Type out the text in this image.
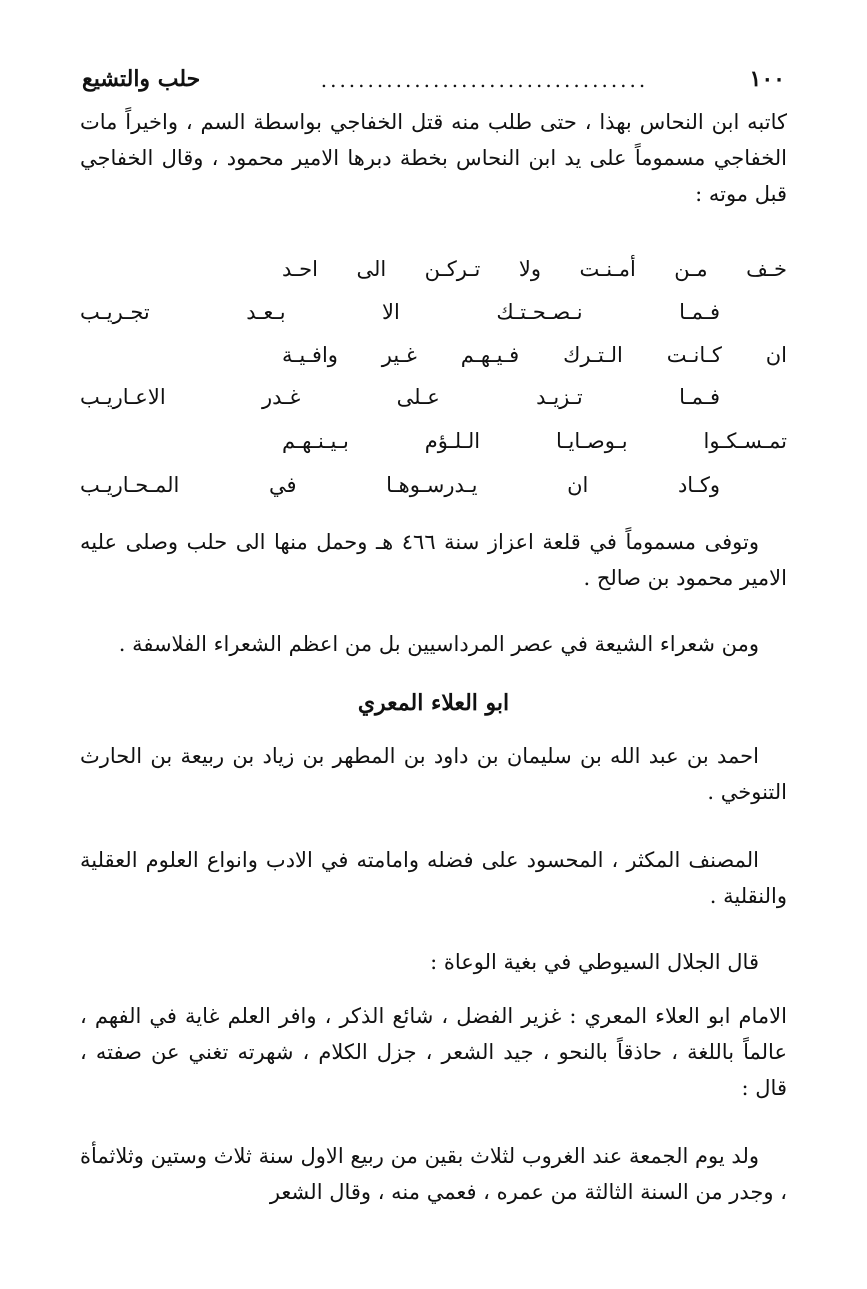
١٠٠
...................................
حلب والتشيع

كاتبه ابن النحاس بهذا ، حتى طلب منه قتل الخفاجي بواسطة السم ، واخيراً مات الخفاجي مسموماً على يد ابن النحاس بخطة دبرها الامير محمود ، وقال الخفاجي قبل موته :

خـف مـن أمـنـت ولا تـركـن الى احـد
فـمـا نـصـحـتـك الا بـعـد تجـريـب
ان كـانـت الـتـرك فـيـهـم غـير وافـيـة
فـمـا تـزيـد عـلى غـدر الاعـاريـب
تمـسـكـوا بـوصـايـا الـلـؤم بـيـنـهـم
وكـاد ان يـدرسـوهـا في المـحـاريـب

وتوفى مسموماً في قلعة اعزاز سنة ٤٦٦ هـ وحمل منها الى حلب وصلى عليه الامير محمود بن صالح .

ومن شعراء الشيعة في عصر المرداسيين بل من اعظم الشعراء الفلاسفة .

ابو العلاء المعري

احمد بن عبد الله بن سليمان بن داود بن المطهر بن زياد بن ربيعة بن الحارث التنوخي .

المصنف المكثر ، المحسود على فضله وامامته في الادب وانواع العلوم العقلية والنقلية .

قال الجلال السيوطي في بغية الوعاة :

الامام ابو العلاء المعري : غزير الفضل ، شائع الذكر ، وافر العلم غاية في الفهم ، عالماً باللغة ، حاذقاً بالنحو ، جيد الشعر ، جزل الكلام ، شهرته تغني عن صفته ، قال :

ولد يوم الجمعة عند الغروب لثلاث بقين من ربيع الاول سنة ثلاث وستين وثلاثمأة ، وجدر من السنة الثالثة من عمره ، فعمي منه ، وقال الشعر
